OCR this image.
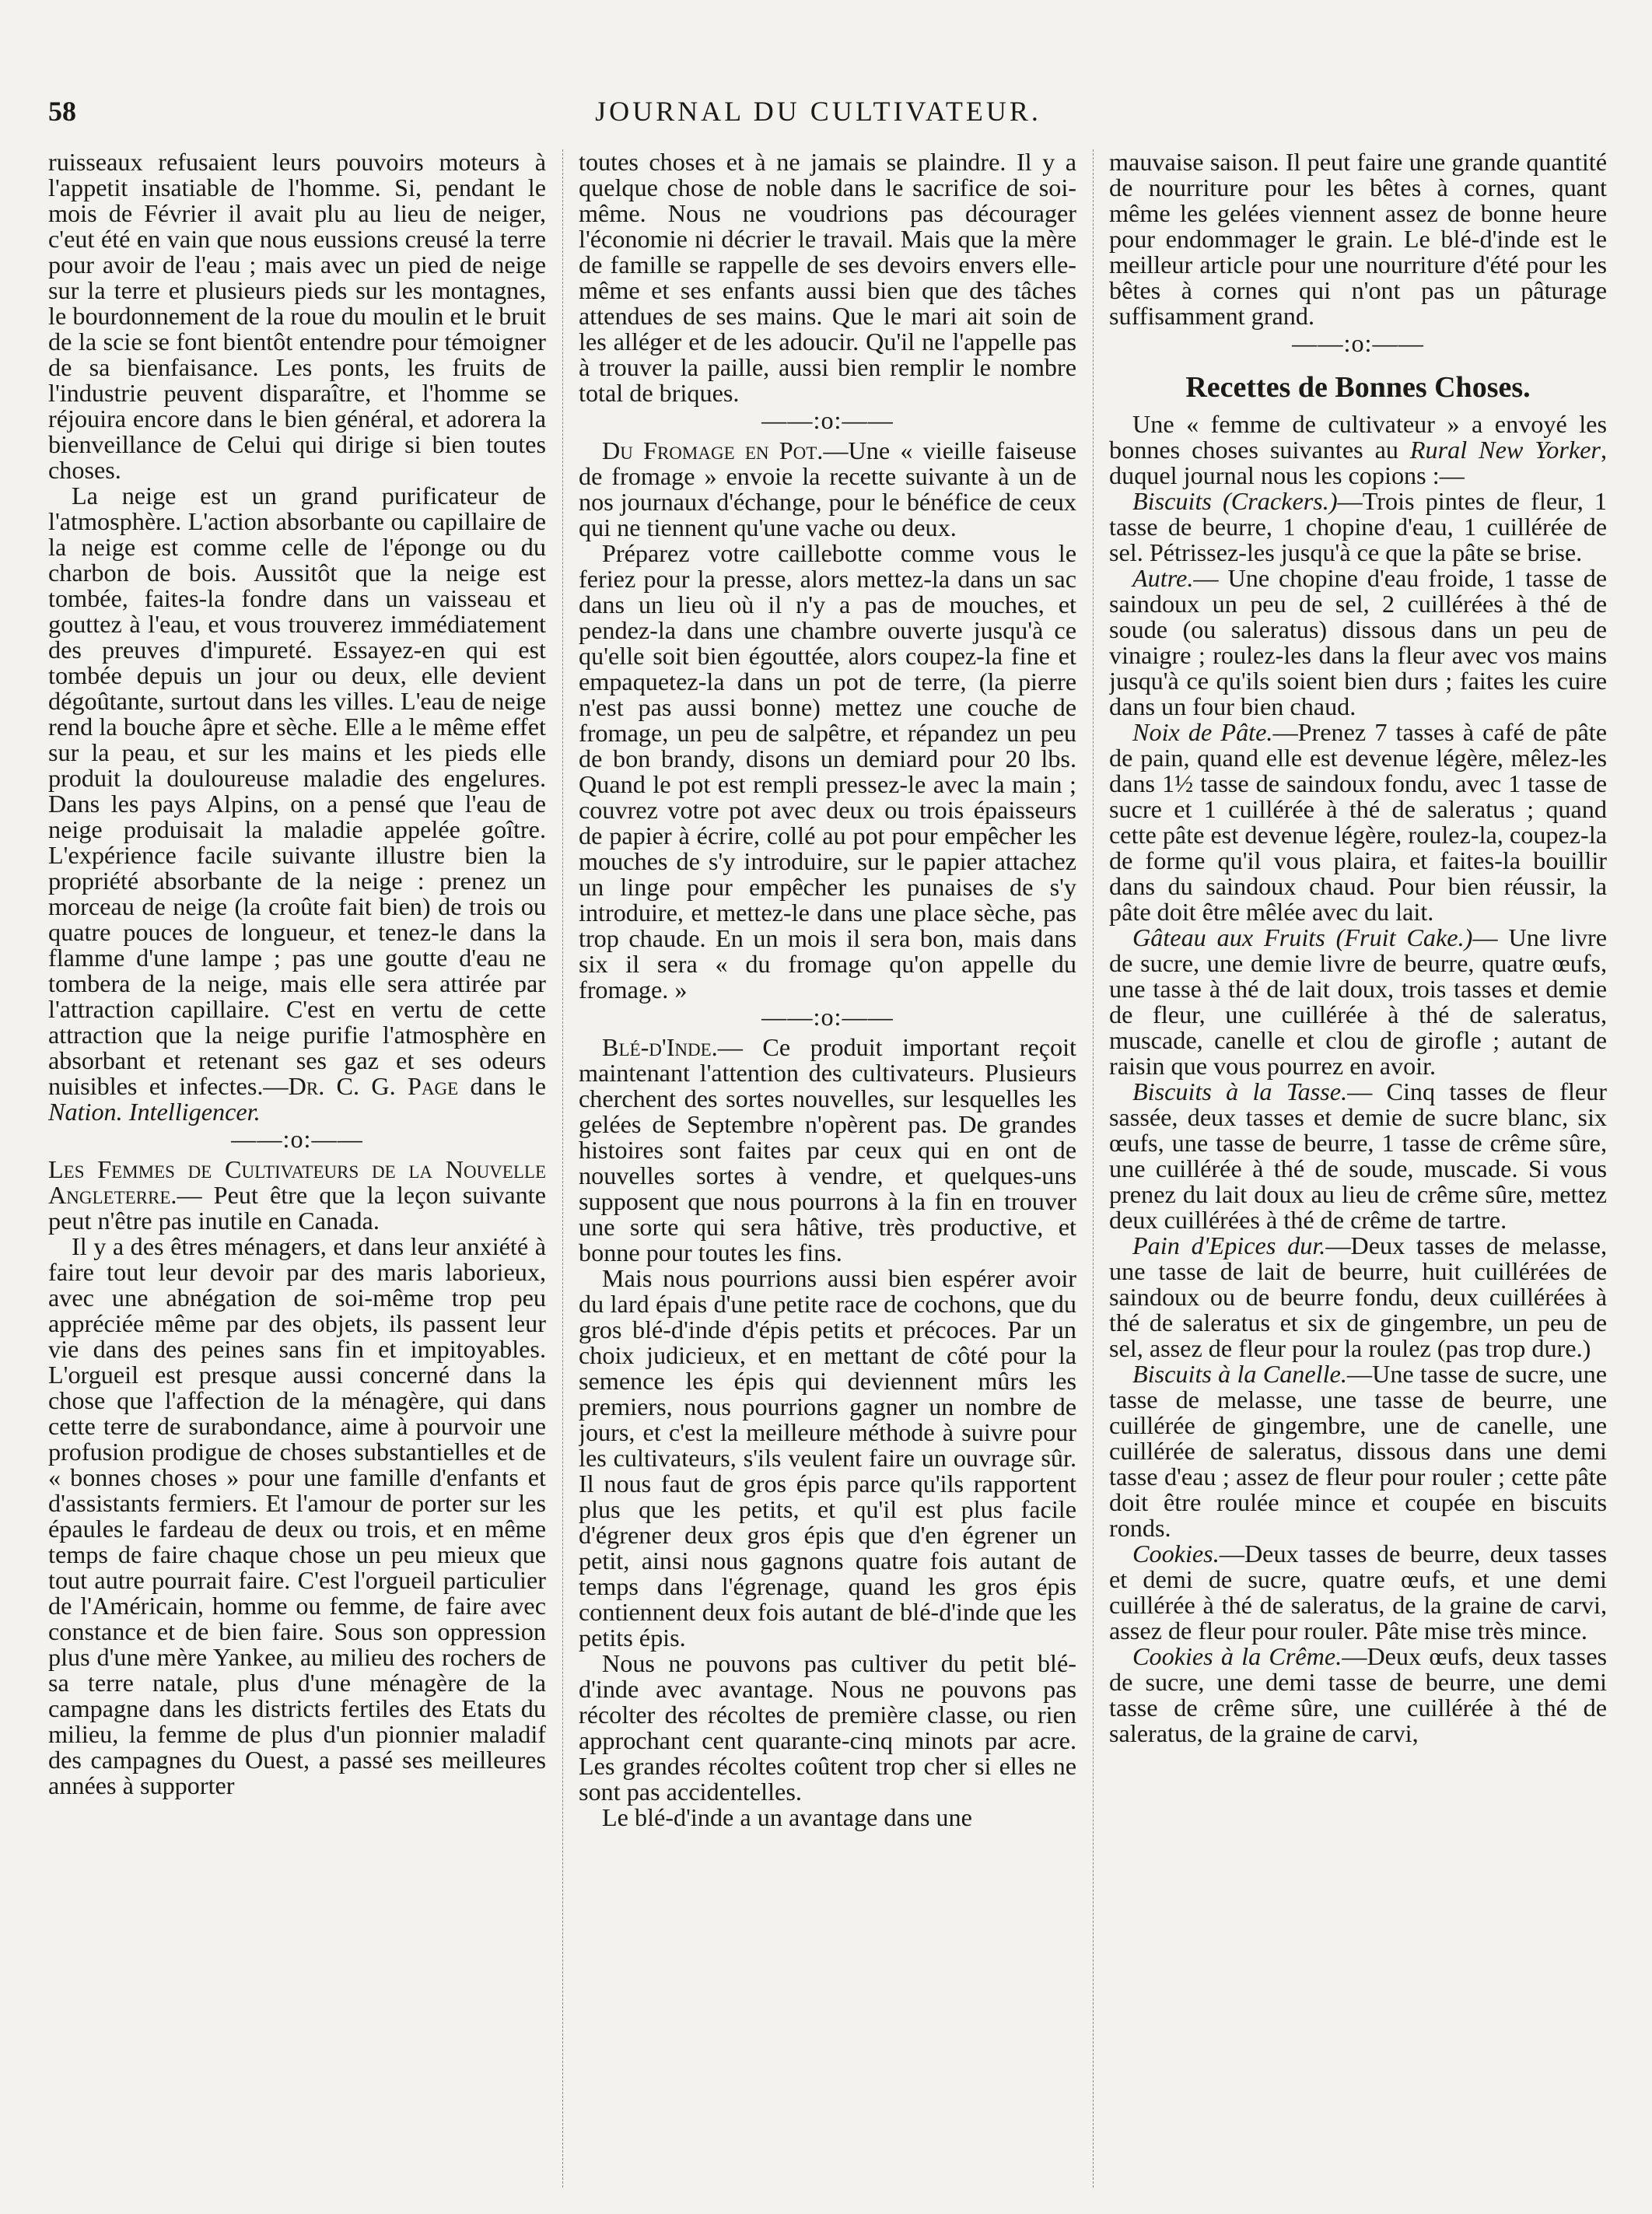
58	JOURNAL DU CULTIVATEUR.

ruisseaux refusaient leurs pouvoirs moteurs à l'appetit insatiable de l'homme. Si, pendant le mois de Février il avait plu au lieu de neiger, c'eut été en vain que nous eussions creusé la terre pour avoir de l'eau ; mais avec un pied de neige sur la terre et plusieurs pieds sur les montagnes, le bourdonnement de la roue du moulin et le bruit de la scie se font bientôt entendre pour témoigner de sa bienfaisance. Les ponts, les fruits de l'industrie peuvent disparaître, et l'homme se réjouira encore dans le bien général, et adorera la bienveillance de Celui qui dirige si bien toutes choses.

La neige est un grand purificateur de l'atmosphère. L'action absorbante ou capillaire de la neige est comme celle de l'éponge ou du charbon de bois. Aussitôt que la neige est tombée, faites-la fondre dans un vaisseau et gouttez à l'eau, et vous trouverez immédiatement des preuves d'impureté. Essayez-en qui est tombée depuis un jour ou deux, elle devient dégoûtante, surtout dans les villes. L'eau de neige rend la bouche âpre et sèche. Elle a le même effet sur la peau, et sur les mains et les pieds elle produit la douloureuse maladie des engelures. Dans les pays Alpins, on a pensé que l'eau de neige produisait la maladie appelée goître. L'expérience facile suivante illustre bien la propriété absorbante de la neige : prenez un morceau de neige (la croûte fait bien) de trois ou quatre pouces de longueur, et tenez-le dans la flamme d'une lampe ; pas une goutte d'eau ne tombera de la neige, mais elle sera attirée par l'attraction capillaire. C'est en vertu de cette attraction que la neige purifie l'atmosphère en absorbant et retenant ses gaz et ses odeurs nuisibles et infectes.—Dr. C. G. Page dans le Nation. Intelligencer.

——:o:——

Les Femmes de Cultivateurs de la Nouvelle Angleterre.— Peut être que la leçon suivante peut n'être pas inutile en Canada.

Il y a des êtres ménagers, et dans leur anxiété à faire tout leur devoir par des maris laborieux, avec une abnégation de soi-même trop peu appréciée même par des objets, ils passent leur vie dans des peines sans fin et impitoyables. L'orgueil est presque aussi concerné dans la chose que l'affection de la ménagère, qui dans cette terre de surabondance, aime à pourvoir une profusion prodigue de choses substantielles et de « bonnes choses » pour une famille d'enfants et d'assistants fermiers. Et l'amour de porter sur les épaules le fardeau de deux ou trois, et en même temps de faire chaque chose un peu mieux que tout autre pourrait faire. C'est l'orgueil particulier de l'Américain, homme ou femme, de faire avec constance et de bien faire. Sous son oppression plus d'une mère Yankee, au milieu des rochers de sa terre natale, plus d'une ménagère de la campagne dans les districts fertiles des Etats du milieu, la femme de plus d'un pionnier maladif des campagnes du Ouest, a passé ses meilleures années à supporter

toutes choses et à ne jamais se plaindre. Il y a quelque chose de noble dans le sacrifice de soi-même. Nous ne voudrions pas décourager l'économie ni décrier le travail. Mais que la mère de famille se rappelle de ses devoirs envers elle-même et ses enfants aussi bien que des tâches attendues de ses mains. Que le mari ait soin de les alléger et de les adoucir. Qu'il ne l'appelle pas à trouver la paille, aussi bien remplir le nombre total de briques.

——:o:——

Du Fromage en Pot.—Une « vieille faiseuse de fromage » envoie la recette suivante à un de nos journaux d'échange, pour le bénéfice de ceux qui ne tiennent qu'une vache ou deux.

Préparez votre caillebotte comme vous le feriez pour la presse, alors mettez-la dans un sac dans un lieu où il n'y a pas de mouches, et pendez-la dans une chambre ouverte jusqu'à ce qu'elle soit bien égouttée, alors coupez-la fine et empaquetez-la dans un pot de terre, (la pierre n'est pas aussi bonne) mettez une couche de fromage, un peu de salpêtre, et répandez un peu de bon brandy, disons un demiard pour 20 lbs. Quand le pot est rempli pressez-le avec la main ; couvrez votre pot avec deux ou trois épaisseurs de papier à écrire, collé au pot pour empêcher les mouches de s'y introduire, sur le papier attachez un linge pour empêcher les punaises de s'y introduire, et mettez-le dans une place sèche, pas trop chaude. En un mois il sera bon, mais dans six il sera « du fromage qu'on appelle du fromage. »

——:o:——

Blé-d'Inde.— Ce produit important reçoit maintenant l'attention des cultivateurs. Plusieurs cherchent des sortes nouvelles, sur lesquelles les gelées de Septembre n'opèrent pas. De grandes histoires sont faites par ceux qui en ont de nouvelles sortes à vendre, et quelques-uns supposent que nous pourrons à la fin en trouver une sorte qui sera hâtive, très productive, et bonne pour toutes les fins.

Mais nous pourrions aussi bien espérer avoir du lard épais d'une petite race de cochons, que du gros blé-d'inde d'épis petits et précoces. Par un choix judicieux, et en mettant de côté pour la semence les épis qui deviennent mûrs les premiers, nous pourrions gagner un nombre de jours, et c'est la meilleure méthode à suivre pour les cultivateurs, s'ils veulent faire un ouvrage sûr. Il nous faut de gros épis parce qu'ils rapportent plus que les petits, et qu'il est plus facile d'égrener deux gros épis que d'en égrener un petit, ainsi nous gagnons quatre fois autant de temps dans l'égrenage, quand les gros épis contiennent deux fois autant de blé-d'inde que les petits épis.

Nous ne pouvons pas cultiver du petit blé-d'inde avec avantage. Nous ne pouvons pas récolter des récoltes de première classe, ou rien approchant cent quarante-cinq minots par acre. Les grandes récoltes coûtent trop cher si elles ne sont pas accidentelles.

Le blé-d'inde a un avantage dans une

mauvaise saison. Il peut faire une grande quantité de nourriture pour les bêtes à cornes, quant même les gelées viennent assez de bonne heure pour endommager le grain. Le blé-d'inde est le meilleur article pour une nourriture d'été pour les bêtes à cornes qui n'ont pas un pâturage suffisamment grand.

——:o:——
Recettes de Bonnes Choses.

Une « femme de cultivateur » a envoyé les bonnes choses suivantes au Rural New Yorker, duquel journal nous les copions :—

Biscuits (Crackers.)—Trois pintes de fleur, 1 tasse de beurre, 1 chopine d'eau, 1 cuillérée de sel. Pétrissez-les jusqu'à ce que la pâte se brise.

Autre.— Une chopine d'eau froide, 1 tasse de saindoux un peu de sel, 2 cuillérées à thé de soude (ou saleratus) dissous dans un peu de vinaigre ; roulez-les dans la fleur avec vos mains jusqu'à ce qu'ils soient bien durs ; faites les cuire dans un four bien chaud.

Noix de Pâte.—Prenez 7 tasses à café de pâte de pain, quand elle est devenue légère, mêlez-les dans 1½ tasse de saindoux fondu, avec 1 tasse de sucre et 1 cuillérée à thé de saleratus ; quand cette pâte est devenue légère, roulez-la, coupez-la de forme qu'il vous plaira, et faites-la bouillir dans du saindoux chaud. Pour bien réussir, la pâte doit être mêlée avec du lait.

Gâteau aux Fruits (Fruit Cake.)— Une livre de sucre, une demie livre de beurre, quatre œufs, une tasse à thé de lait doux, trois tasses et demie de fleur, une cuillérée à thé de saleratus, muscade, canelle et clou de girofle ; autant de raisin que vous pourrez en avoir.

Biscuits à la Tasse.— Cinq tasses de fleur sassée, deux tasses et demie de sucre blanc, six œufs, une tasse de beurre, 1 tasse de crême sûre, une cuillérée à thé de soude, muscade. Si vous prenez du lait doux au lieu de crême sûre, mettez deux cuillérées à thé de crême de tartre.

Pain d'Epices dur.—Deux tasses de melasse, une tasse de lait de beurre, huit cuillérées de saindoux ou de beurre fondu, deux cuillérées à thé de saleratus et six de gingembre, un peu de sel, assez de fleur pour la roulez (pas trop dure.)

Biscuits à la Canelle.—Une tasse de sucre, une tasse de melasse, une tasse de beurre, une cuillérée de gingembre, une de canelle, une cuillérée de saleratus, dissous dans une demi tasse d'eau ; assez de fleur pour rouler ; cette pâte doit être roulée mince et coupée en biscuits ronds.

Cookies.—Deux tasses de beurre, deux tasses et demi de sucre, quatre œufs, et une demi cuillérée à thé de saleratus, de la graine de carvi, assez de fleur pour rouler. Pâte mise très mince.

Cookies à la Crême.—Deux œufs, deux tasses de sucre, une demi tasse de beurre, une demi tasse de crême sûre, une cuillérée à thé de saleratus, de la graine de carvi,
